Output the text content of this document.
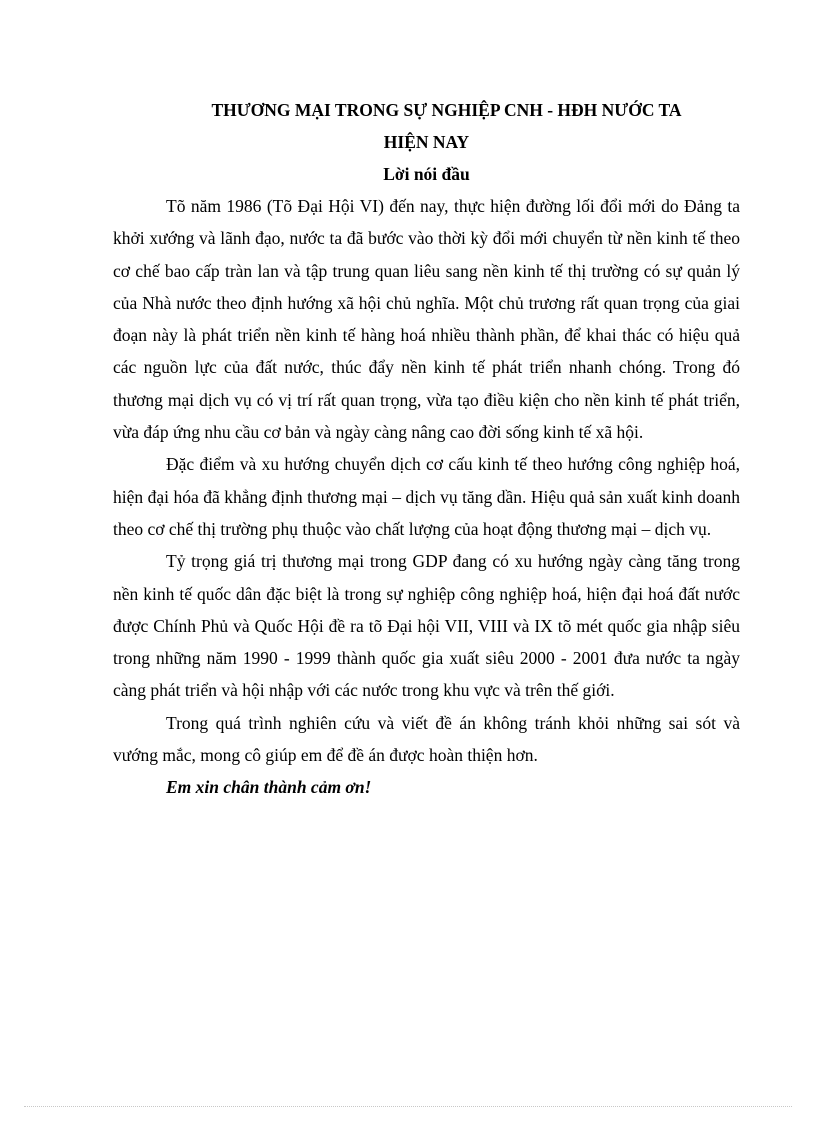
THƯƠNG MẠI TRONG SỰ NGHIỆP CNH - HĐH NƯỚC TA

HIỆN NAY

Lời nói đầu

Tõ năm 1986 (Tõ Đại Hội VI) đến nay, thực hiện đường lối đổi mới do Đảng ta khởi xướng và lãnh đạo, nước ta đã bước vào thời kỳ đổi mới chuyển từ nền kinh tế theo cơ chế bao cấp tràn lan và tập trung quan liêu sang nền kinh tế thị trường có sự quản lý của Nhà nước theo định hướng xã hội chủ nghĩa. Một chủ trương rất quan trọng của giai đoạn này là phát triển nền kinh tế hàng hoá nhiều thành phần, để khai thác có hiệu quả các nguồn lực của đất nước, thúc đẩy nền kinh tế phát triển nhanh chóng. Trong đó thương mại dịch vụ có vị trí rất quan trọng, vừa tạo điều kiện cho nền kinh tế phát triển, vừa đáp ứng nhu cầu cơ bản và ngày càng nâng cao đời sống kinh tế xã hội.

Đặc điểm và xu hướng chuyển dịch cơ cấu kinh tế theo hướng công nghiệp hoá, hiện đại hóa đã khẳng định thương mại – dịch vụ tăng dần. Hiệu quả sản xuất kinh doanh theo cơ chế thị trường phụ thuộc vào chất lượng của hoạt động thương mại – dịch vụ.

Tỷ trọng giá trị thương mại trong GDP đang có xu hướng ngày càng tăng trong nền kinh tế quốc dân đặc biệt là trong sự nghiệp công nghiệp hoá, hiện đại hoá đất nước được Chính Phủ và Quốc Hội đề ra tõ Đại hội VII, VIII và IX tõ mét quốc gia nhập siêu trong những năm 1990 - 1999 thành quốc gia xuất siêu 2000 - 2001 đưa nước ta ngày càng phát triển và hội nhập với các nước trong khu vực và trên thế giới.

Trong quá trình nghiên cứu và viết đề án không tránh khỏi những sai sót và vướng mắc, mong cô giúp em để đề án được hoàn thiện hơn.

Em xin chân thành cảm ơn!
